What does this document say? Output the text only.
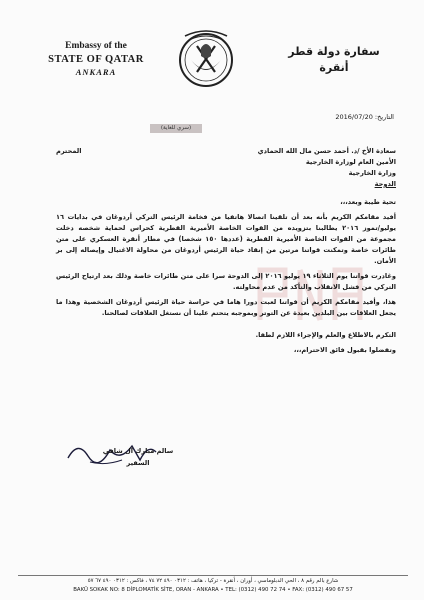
Embassy of the
STATE OF QATAR
ANKARA
سفارة دولة قطر
أنقرة
التاريخ: 2016/07/20
(سري للغاية)
سعادة الأخ /د. أحمد حسن مال الله الحمادي
المحترم
الأمين العام لوزارة الخارجية
وزارة الخارجية
الدوحة
تحية طيبة وبعد،،،
أفيد مقامكم الكريم بأنه بعد أن تلقينا اتصالا هاتفيا من فخامة الرئيس التركي أردوغان في بدايات ١٦ يوليو/تموز ٢٠١٦ يطالبنا بتزويده من القوات الخاصة الأميرية القطرية كحراس لحماية شخصه دخلت مجموعة من القوات الخاصة الأميرية القطرية (عددها ١٥٠ شخصا) في مطار أنقرة العسكري على متن طائرات خاصة وتمكنت قواتنا مرتين من إنقاذ حياة الرئيس أردوغان من محاولة الاغتيال وإيصاله إلى بر الأمان.
وغادرت قواتنا يوم الثلاثاء ١٩ يوليو ٢٠١٦ إلى الدوحة سرا على متن طائرات خاصة وذلك بعد ارتياح الرئيس التركي من فشل الانقلاب والتأكد من عدم محاولته.
هذا، وأفيد مقامكم الكريم أن قواتنا لعبت دورا هاما في حراسة حياة الرئيس أردوغان الشخصية وهذا ما يجعل العلاقات بين البلدين بعيدة عن التوتر وبموجبه يتحتم علينا أن نستغل العلاقات لصالحنا.
التكرم بالاطلاع والعلم والإجراء اللازم لطفا.
وتفضلوا بقبول فائق الاحترام،،،
سالم مبارك آل شافي
السفير
شارع بالم رقم ٨ ، الحي الدبلوماسي ، أوران ، أنقرة - تركيا ، هاتف : ٠٣١٢ ٤٩٠ ٧٢ ٧٤ ، فاكس : ٠٣١٢ ٤٩٠ ٦٧ ٥٧
BAKÜ SOKAK NO: 8 DİPLOMATİK SİTE, ORAN - ANKARA • TEL: (0312) 490 72 74 • FAX: (0312) 490 67 57
